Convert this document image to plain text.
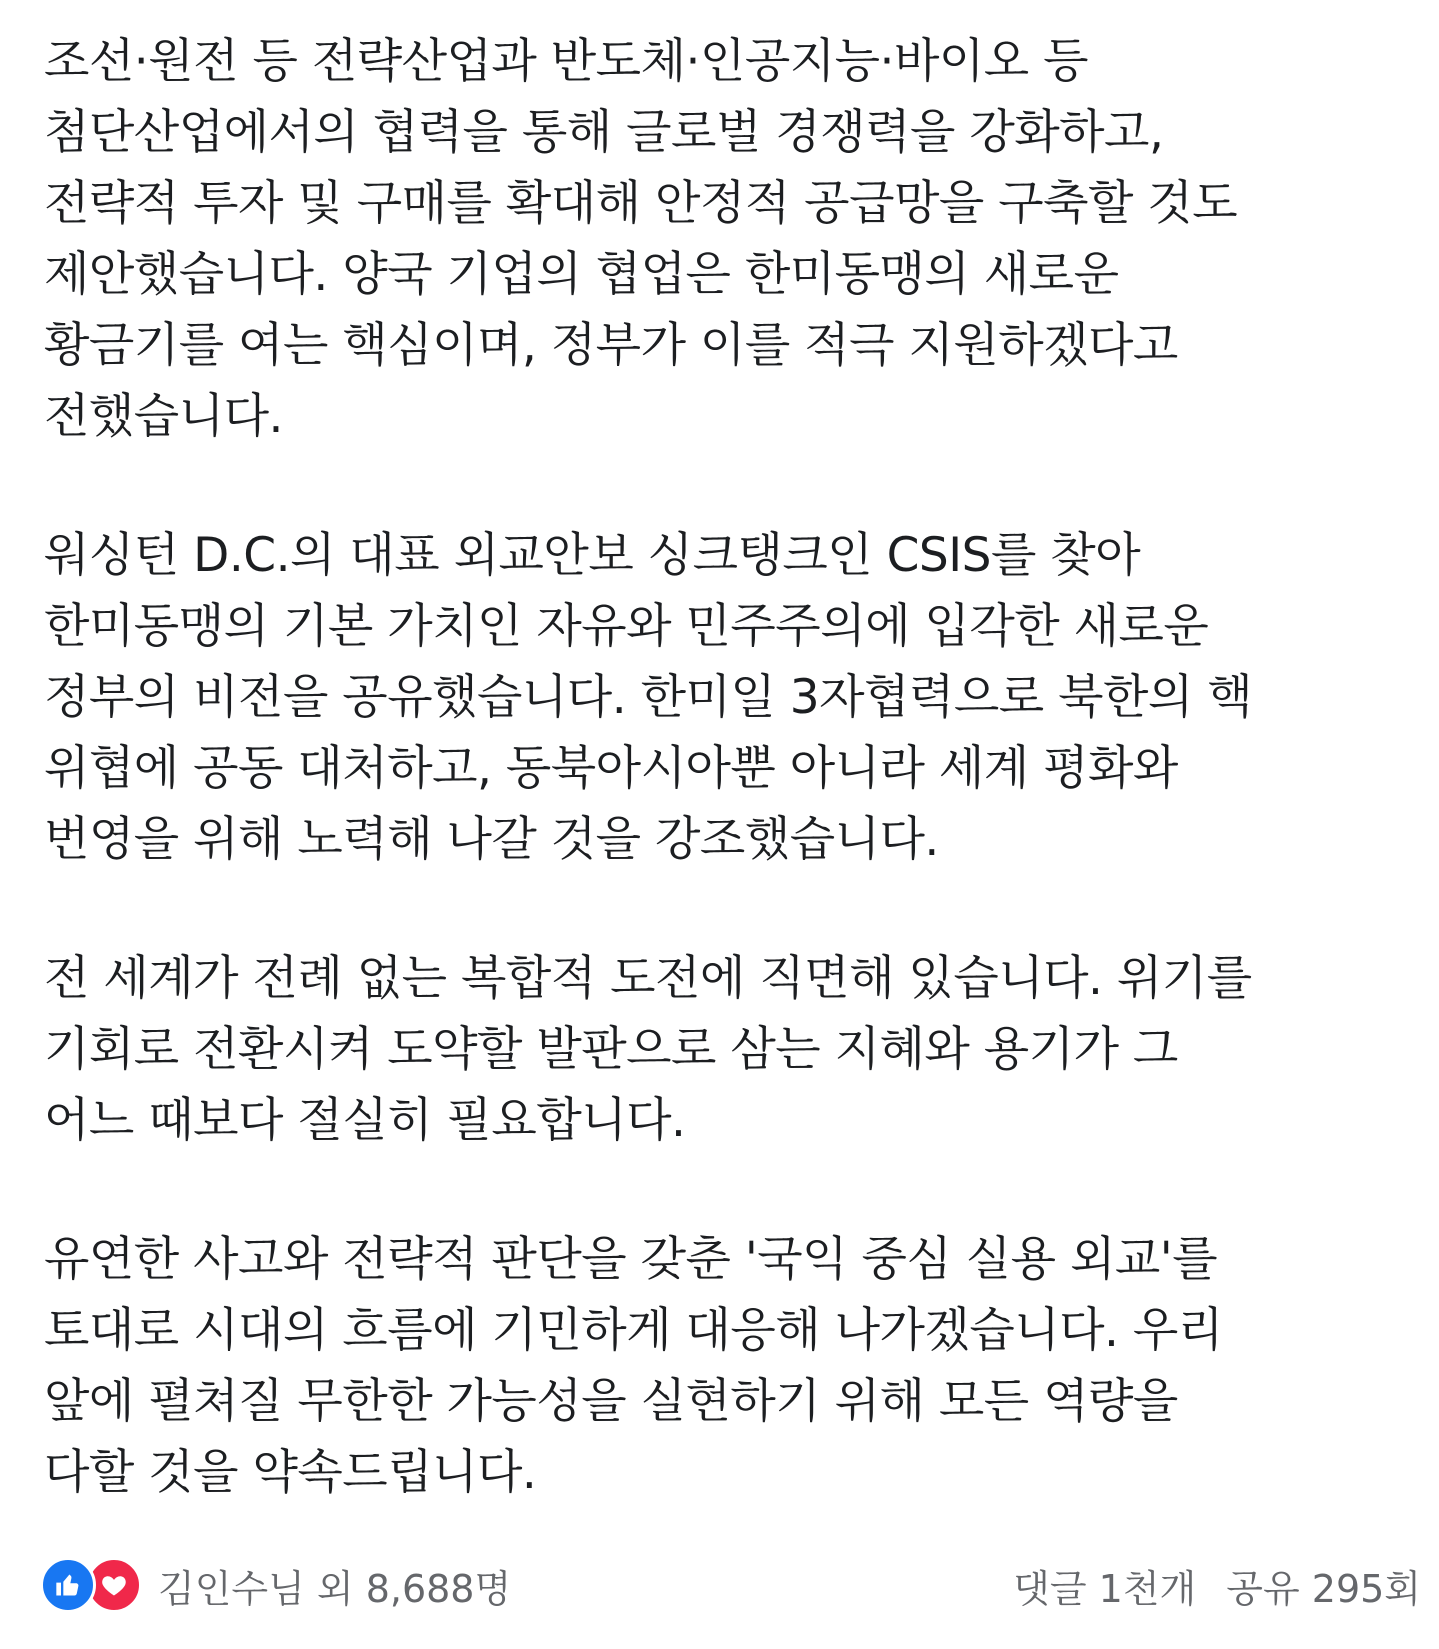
조선·원전 등 전략산업과 반도체·인공지능·바이오 등
첨단산업에서의 협력을 통해 글로벌 경쟁력을 강화하고,
전략적 투자 및 구매를 확대해 안정적 공급망을 구축할 것도
제안했습니다. 양국 기업의 협업은 한미동맹의 새로운
황금기를 여는 핵심이며, 정부가 이를 적극 지원하겠다고
전했습니다.
워싱턴 D.C.의 대표 외교안보 싱크탱크인 CSIS를 찾아
한미동맹의 기본 가치인 자유와 민주주의에 입각한 새로운
정부의 비전을 공유했습니다. 한미일 3자협력으로 북한의 핵
위협에 공동 대처하고, 동북아시아뿐 아니라 세계 평화와
번영을 위해 노력해 나갈 것을 강조했습니다.
전 세계가 전례 없는 복합적 도전에 직면해 있습니다. 위기를
기회로 전환시켜 도약할 발판으로 삼는 지혜와 용기가 그
어느 때보다 절실히 필요합니다.
유연한 사고와 전략적 판단을 갖춘 '국익 중심 실용 외교'를
토대로 시대의 흐름에 기민하게 대응해 나가겠습니다. 우리
앞에 펼쳐질 무한한 가능성을 실현하기 위해 모든 역량을
다할 것을 약속드립니다.
김인수님 외 8,688명	댓글 1천개 공유 295회
